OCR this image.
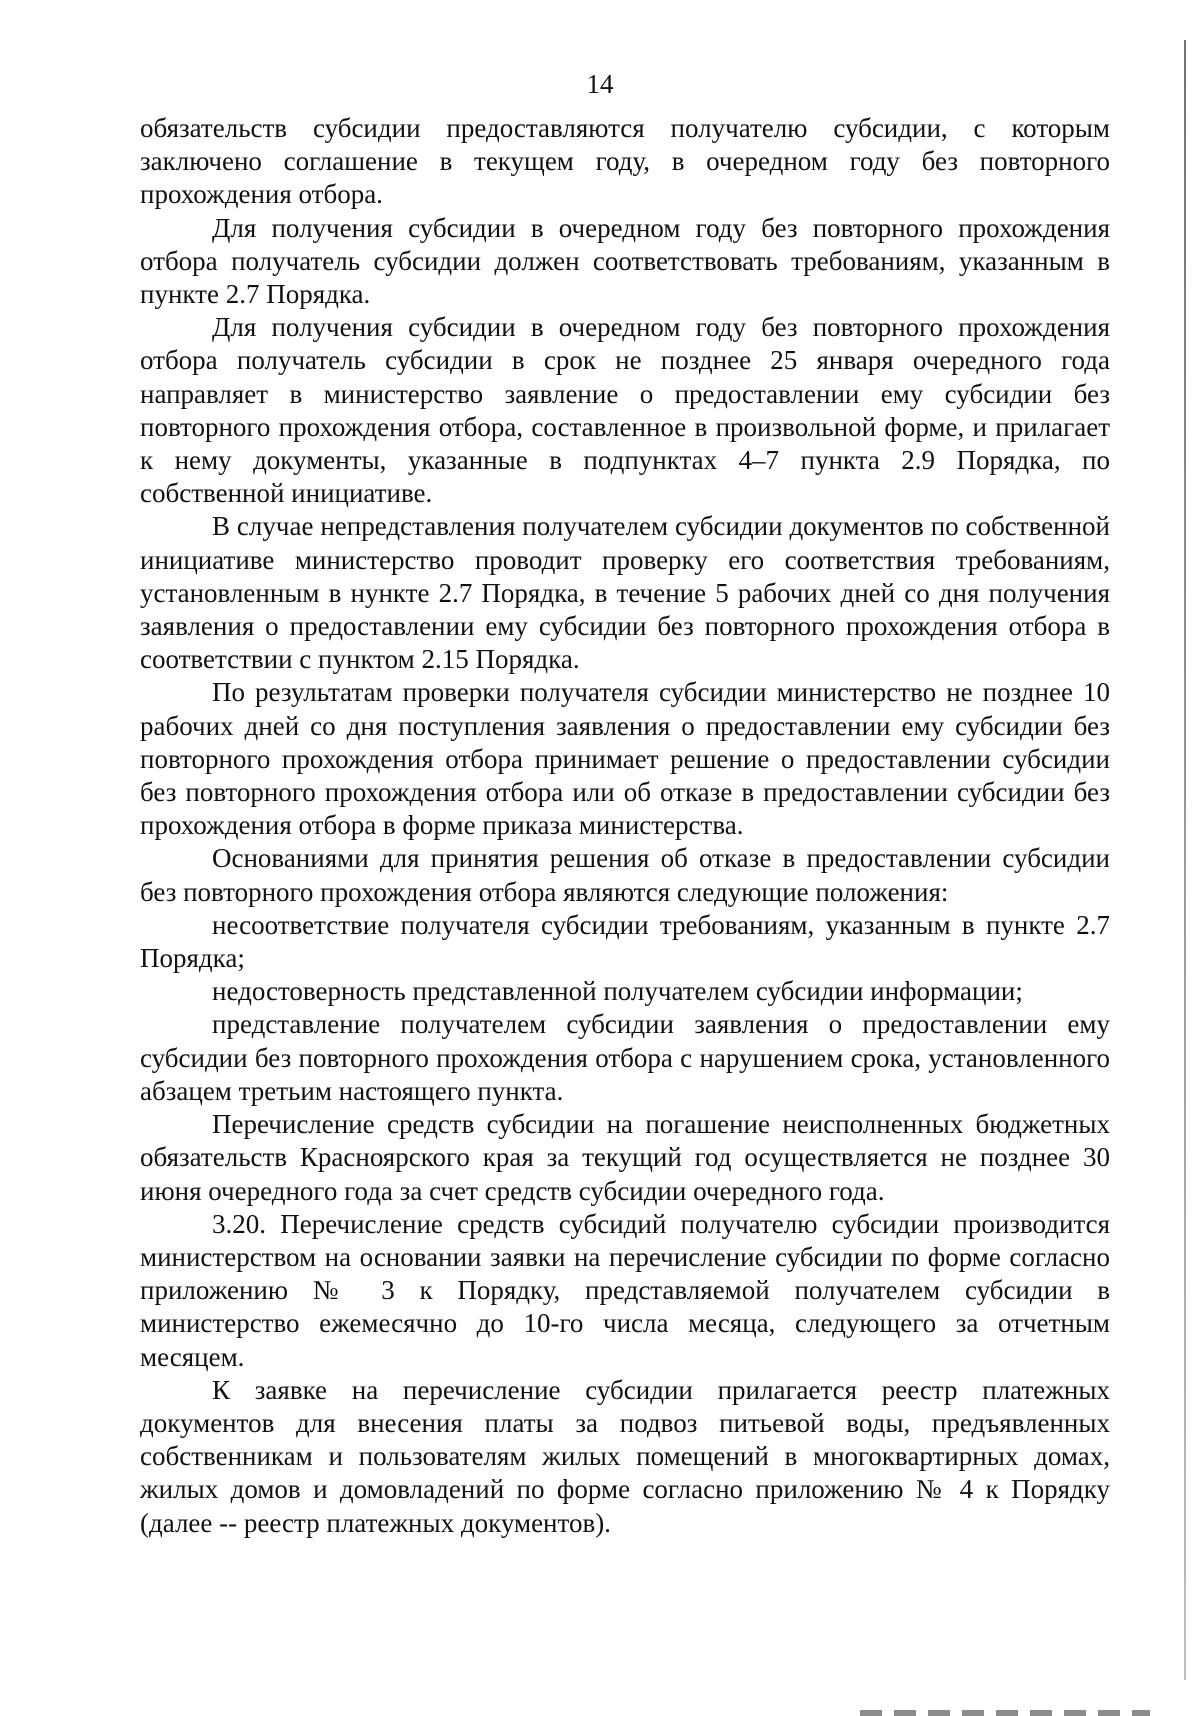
14

обязательств субсидии предоставляются получателю субсидии, с которым заключено соглашение в текущем году, в очередном году без повторного прохождения отбора.

Для получения субсидии в очередном году без повторного прохождения отбора получатель субсидии должен соответствовать требованиям, указанным в пункте 2.7 Порядка.

Для получения субсидии в очередном году без повторного прохождения отбора получатель субсидии в срок не позднее 25 января очередного года направляет в министерство заявление о предоставлении ему субсидии без повторного прохождения отбора, составленное в произвольной форме, и прилагает к нему документы, указанные в подпунктах 4–7 пункта 2.9 Порядка, по собственной инициативе.

В случае непредставления получателем субсидии документов по собственной инициативе министерство проводит проверку его соответствия требованиям, установленным в нункте 2.7 Порядка, в течение 5 рабочих дней со дня получения заявления о предоставлении ему субсидии без повторного прохождения отбора в соответствии с пунктом 2.15 Порядка.

По результатам проверки получателя субсидии министерство не позднее 10 рабочих дней со дня поступления заявления о предоставлении ему субсидии без повторного прохождения отбора принимает решение о предоставлении субсидии без повторного прохождения отбора или об отказе в предоставлении субсидии без прохождения отбора в форме приказа министерства.

Основаниями для принятия решения об отказе в предоставлении субсидии без повторного прохождения отбора являются следующие положения:

несоответствие получателя субсидии требованиям, указанным в пункте 2.7 Порядка;

недостоверность представленной получателем субсидии информации;

представление получателем субсидии заявления о предоставлении ему субсидии без повторного прохождения отбора с нарушением срока, установленного абзацем третьим настоящего пункта.

Перечисление средств субсидии на погашение неисполненных бюджетных обязательств Красноярского края за текущий год осуществляется не позднее 30 июня очередного года за счет средств субсидии очередного года.

3.20. Перечисление средств субсидий получателю субсидии производится министерством на основании заявки на перечисление субсидии по форме согласно приложению № 3 к Порядку, представляемой получателем субсидии в министерство ежемесячно до 10-го числа месяца, следующего за отчетным месяцем.

К заявке на перечисление субсидии прилагается реестр платежных документов для внесения платы за подвоз питьевой воды, предъявленных собственникам и пользователям жилых помещений в многоквартирных домах, жилых домов и домовладений по форме согласно приложению № 4 к Порядку (далее -- реестр платежных документов).
